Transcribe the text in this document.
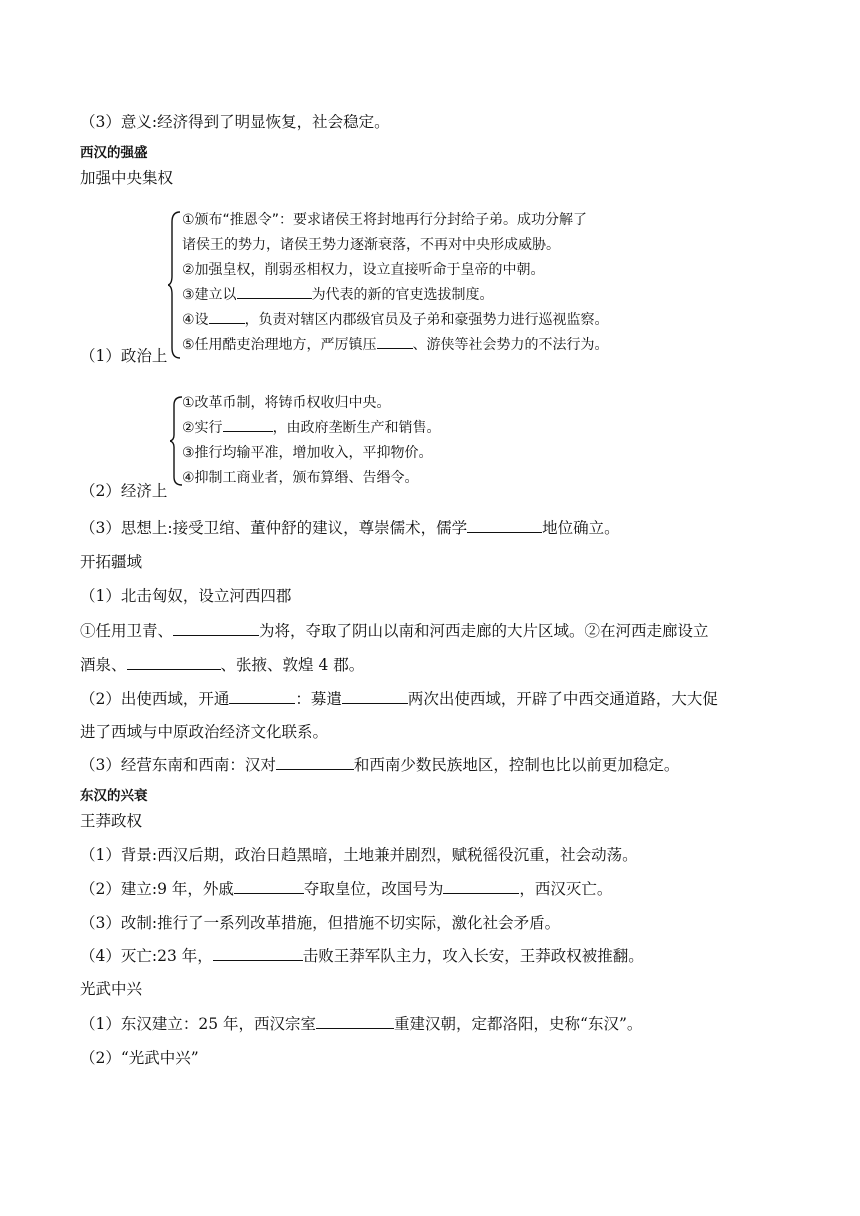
（3）意义:经济得到了明显恢复，社会稳定。
西汉的强盛
加强中央集权
①颁布“推恩令”：要求诸侯王将封地再行分封给子弟。成功分解了
诸侯王的势力，诸侯王势力逐渐衰落，不再对中央形成威胁。
②加强皇权，削弱丞相权力，设立直接听命于皇帝的中朝。
③建立以	为代表的新的官吏选拔制度。
④设	，负责对辖区内郡级官员及子弟和豪强势力进行巡视监察。
⑤任用酷吏治理地方，严厉镇压	、游侠等社会势力的不法行为。
（1）政治上
①改革币制，将铸币权收归中央。
②实行	，由政府垄断生产和销售。
③推行均输平准，增加收入，平抑物价。
④抑制工商业者，颁布算缗、告缗令。
（2）经济上
（3）思想上:接受卫绾、董仲舒的建议，尊崇儒术，儒学	地位确立。
开拓疆域
（1）北击匈奴，设立河西四郡
①任用卫青、	为将，夺取了阴山以南和河西走廊的大片区域。②在河西走廊设立
酒泉、	、张掖、敦煌 4 郡。
（2）出使西域，开通	：募遣	两次出使西域，开辟了中西交通道路，大大促
进了西域与中原政治经济文化联系。
（3）经营东南和西南：汉对	和西南少数民族地区，控制也比以前更加稳定。
东汉的兴衰
王莽政权
（1）背景:西汉后期，政治日趋黑暗，土地兼并剧烈，赋税徭役沉重，社会动荡。
（2）建立:9 年，外戚	夺取皇位，改国号为	，西汉灭亡。
（3）改制:推行了一系列改革措施，但措施不切实际，激化社会矛盾。
（4）灭亡:23 年，	击败王莽军队主力，攻入长安，王莽政权被推翻。
光武中兴
（1）东汉建立：25 年，西汉宗室	重建汉朝，定都洛阳，史称“东汉”。
（2）“光武中兴”
